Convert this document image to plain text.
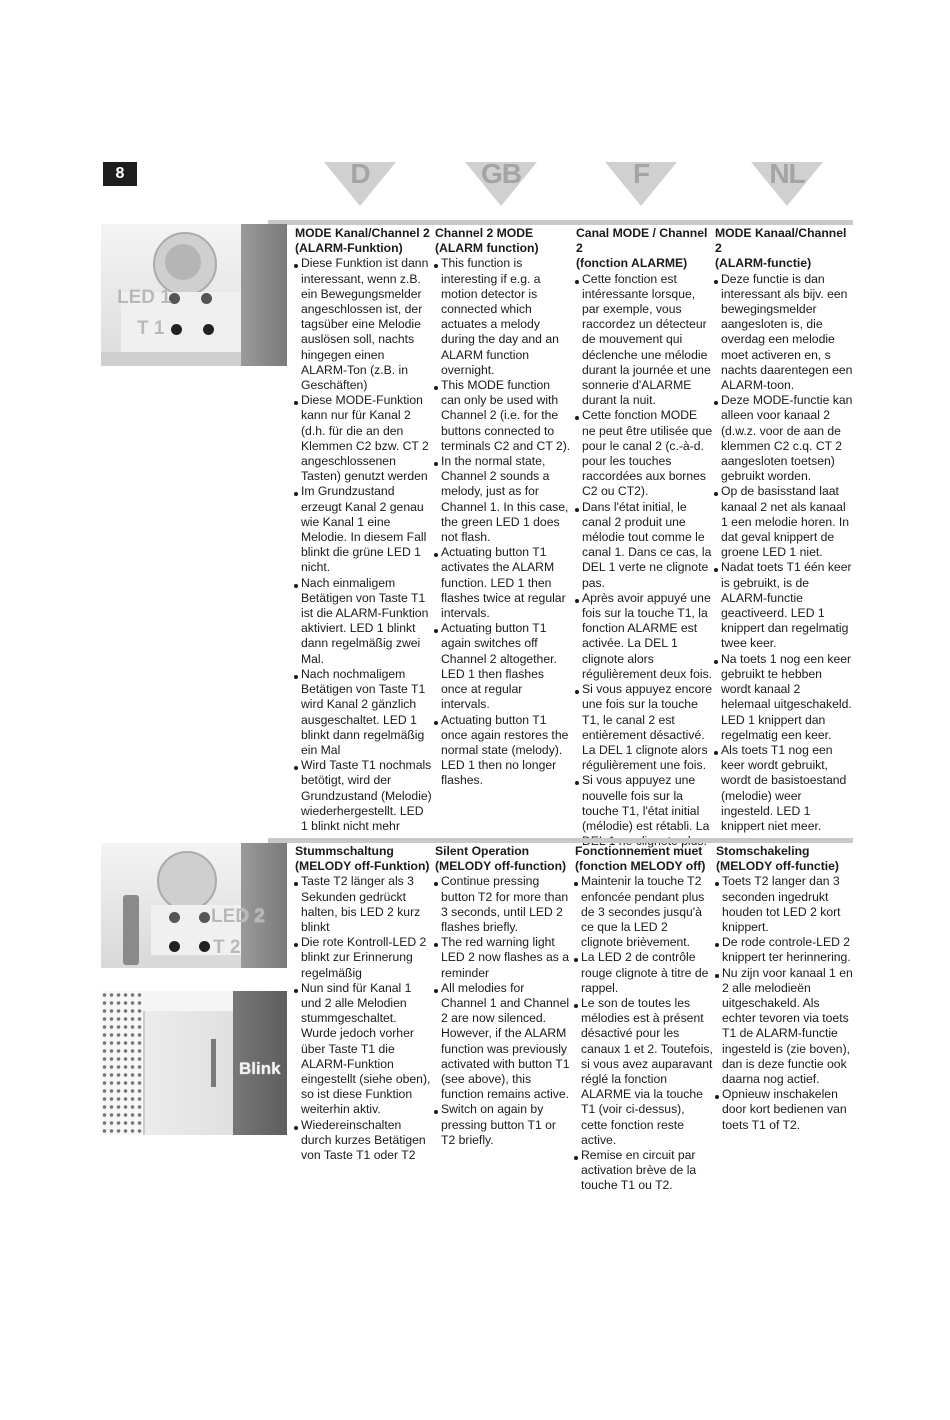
8	D	GB	F	NL
LED 1
T 1
MODE Kanal/Channel 2
(ALARM-Funktion)
Diese Funktion ist dann interessant, wenn z.B. ein Bewegungsmelder angeschlossen ist, der tagsüber eine Melodie auslösen soll, nachts hingegen einen ALARM-Ton (z.B. in Geschäften)
Diese MODE-Funktion kann nur für Kanal 2 (d.h. für die an den Klemmen C2 bzw. CT 2 angeschlossenen Tasten) genutzt werden
Im Grundzustand erzeugt Kanal 2 genau wie Kanal 1 eine Melodie. In diesem Fall blinkt die grüne LED 1 nicht.
Nach einmaligem Betätigen von Taste T1 ist die ALARM-Funktion aktiviert. LED 1 blinkt dann regelmäßig zwei Mal.
Nach nochmaligem Betätigen von Taste T1 wird Kanal 2 gänzlich ausgeschaltet. LED 1 blinkt dann regelmäßig ein Mal
Wird Taste T1 nochmals betötigt, wird der Grundzustand (Melodie) wiederhergestellt. LED 1 blinkt nicht mehr
Channel 2 MODE
(ALARM function)
This function is interesting if e.g. a motion detector is connected which actuates a melody during the day and an ALARM function overnight.
This MODE function can only be used with Channel 2 (i.e. for the buttons connected to terminals C2 and CT 2).
In the normal state, Channel 2 sounds a melody, just as for Channel 1. In this case, the green LED 1 does not flash.
Actuating button T1 activates the ALARM function. LED 1 then flashes twice at regular intervals.
Actuating button T1 again switches off Channel 2 altogether. LED 1 then flashes once at regular intervals.
Actuating button T1 once again restores the normal state (melody). LED 1 then no longer flashes.
Canal MODE / Channel 2
(fonction ALARME)
Cette fonction est intéressante lorsque, par exemple, vous raccordez un détecteur de mouvement qui déclenche une mélodie durant la journée et une sonnerie d'ALARME durant la nuit.
Cette fonction MODE ne peut être utilisée que pour le canal 2 (c.-à-d. pour les touches raccordées aux bornes C2 ou CT2).
Dans l'état initial, le canal 2 produit une mélodie tout comme le canal 1. Dans ce cas, la DEL 1 verte ne clignote pas.
Après avoir appuyé une fois sur la touche T1, la fonction ALARME est activée. La DEL 1 clignote alors régulièrement deux fois.
Si vous appuyez encore une fois sur la touche T1, le canal 2 est entièrement désactivé. La DEL 1 clignote alors régulièrement une fois.
Si vous appuyez une nouvelle fois sur la touche T1, l'état initial (mélodie) est rétabli. La
MODE Kanaal/Channel 2
(ALARM-functie)
Deze functie is dan interessant als bijv. een bewegingsmelder aangesloten is, die overdag een melodie moet activeren en, s nachts daarentegen een ALARM-toon.
Deze MODE-functie kan alleen voor kanaal 2 (d.w.z. voor de aan de klemmen C2 c.q. CT 2 aangesloten toetsen) gebruikt worden.
Op de basisstand laat kanaal 2 net als kanaal 1 een melodie horen. In dat geval knippert de groene LED 1 niet.
Nadat toets T1 één keer is gebruikt, is de ALARM-functie geactiveerd. LED 1 knippert dan regelmatig twee keer.
Na toets 1 nog een keer gebruikt te hebben wordt kanaal 2 helemaal uitgeschakeld. LED 1 knippert dan regelmatig een keer.
Als toets T1 nog een keer wordt gebruikt, wordt de basistoestand (melodie) weer ingesteld. LED 1 knippert niet meer.
LED 2
T 2
Blink
Stummschaltung
(MELODY off-Funktion)
Taste T2 länger als 3 Sekunden gedrückt halten, bis LED 2 kurz blinkt
Die rote Kontroll-LED 2 blinkt zur Erinnerung regelmäßig
Nun sind für Kanal 1 und 2 alle Melodien stummgeschaltet. Wurde jedoch vorher über Taste T1 die ALARM-Funktion eingestellt (siehe oben), so ist diese Funktion weiterhin aktiv.
Wiedereinschalten durch kurzes Betätigen von Taste T1 oder T2
Silent Operation
(MELODY off-function)
Continue pressing button T2 for more than 3 seconds, until LED 2 flashes briefly.
The red warning light LED 2 now flashes as a reminder
All melodies for Channel 1 and Channel 2 are now silenced. However, if the ALARM function was previously activated with button T1 (see above), this function remains active.
Switch on again by pressing button T1 or T2 briefly.
Fonctionnement muet
(fonction MELODY off)
Maintenir la touche T2 enfoncée pendant plus de 3 secondes jusqu'à ce que la LED 2 clignote brièvement.
La LED 2 de contrôle rouge clignote à titre de rappel.
Le son de toutes les mélodies est à présent désactivé pour les canaux 1 et 2. Toutefois, si vous avez auparavant réglé la fonction ALARME via la touche T1 (voir ci-dessus), cette fonction reste active.
Remise en circuit par activation brève de la touche T1 ou T2.
Stomschakeling
(MELODY off-functie)
Toets T2 langer dan 3 seconden ingedrukt houden tot LED 2 kort knippert.
De rode controle-LED 2 knippert ter herinnering.
Nu zijn voor kanaal 1 en 2 alle melodieën uitgeschakeld. Als echter tevoren via toets T1 de ALARM-functie ingesteld is (zie boven), dan is deze functie ook daarna nog actief.
Opnieuw inschakelen door kort bedienen van toets T1 of T2.
